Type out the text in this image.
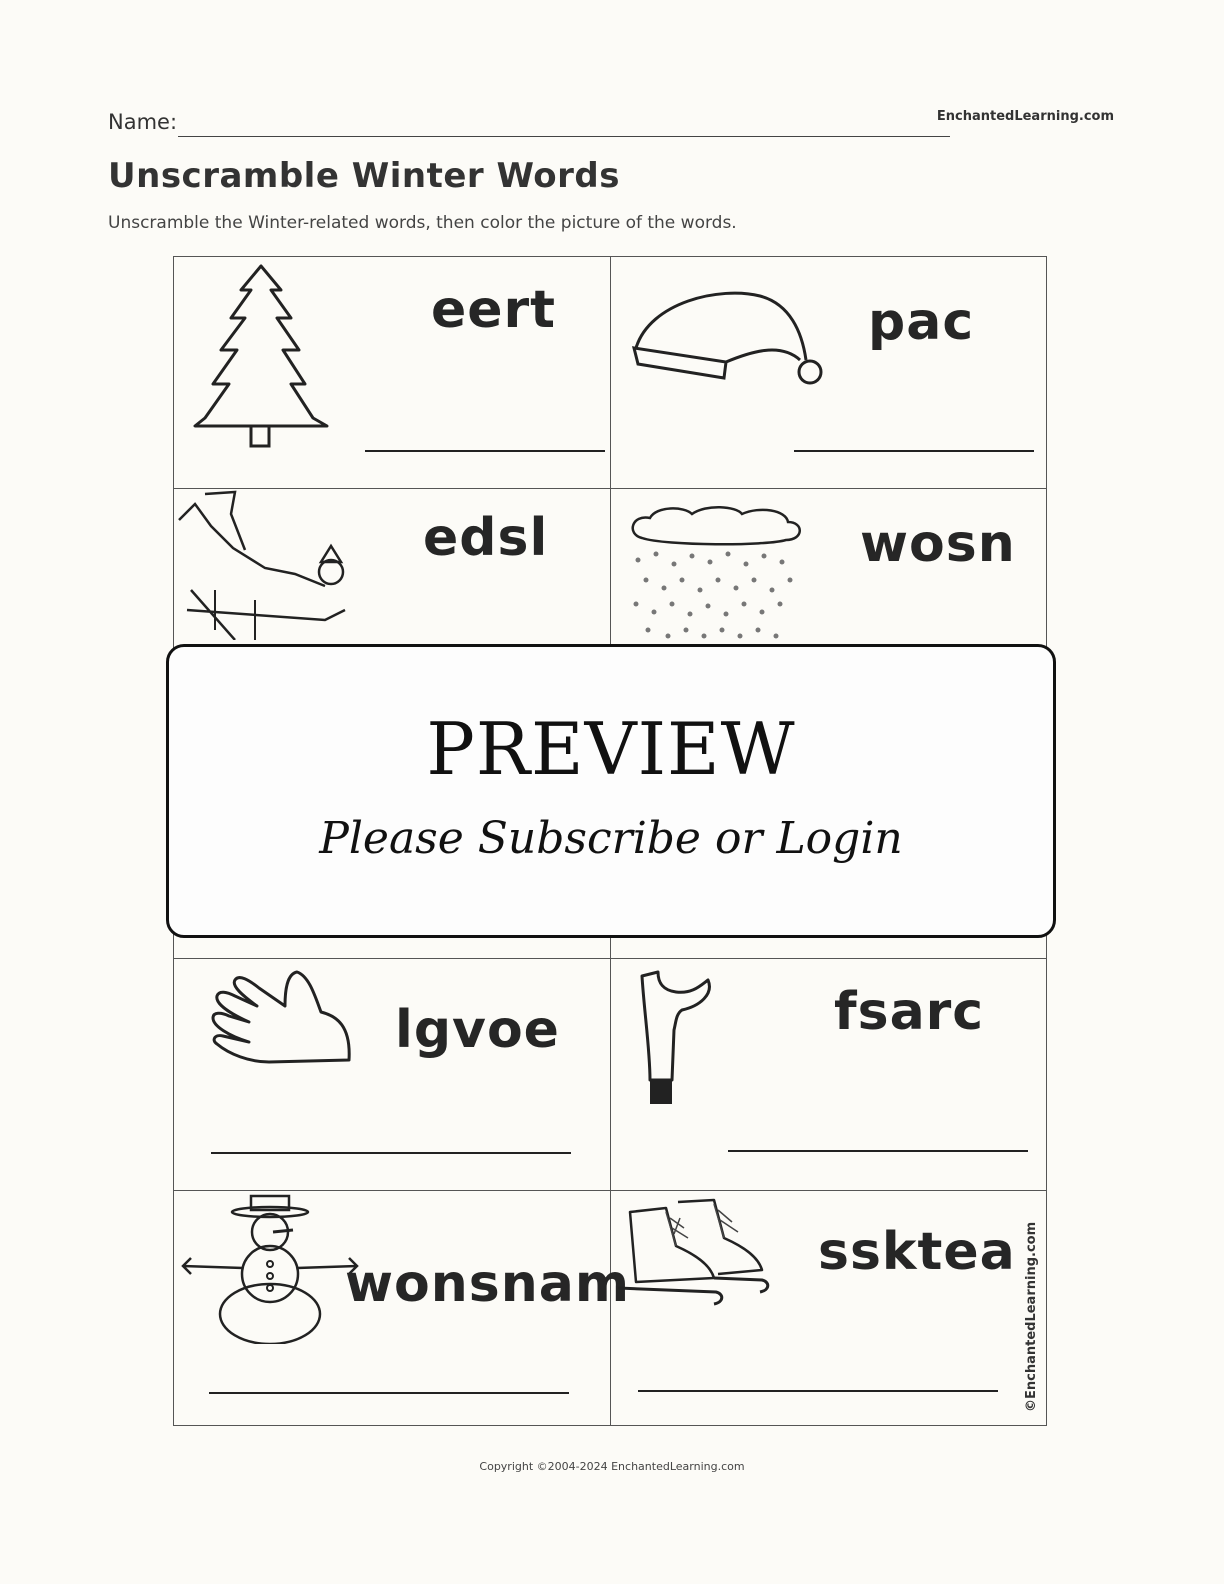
Name:	EnchantedLearning.com
Unscramble Winter Words
Unscramble the Winter-related words, then color the picture of the words.
eert	pac
edsl	wosn
lgvoe	fsarc
wonsnam
ssktea
PREVIEW
Please Subscribe or Login
©EnchantedLearning.com
Copyright ©2004-2024 EnchantedLearning.com
